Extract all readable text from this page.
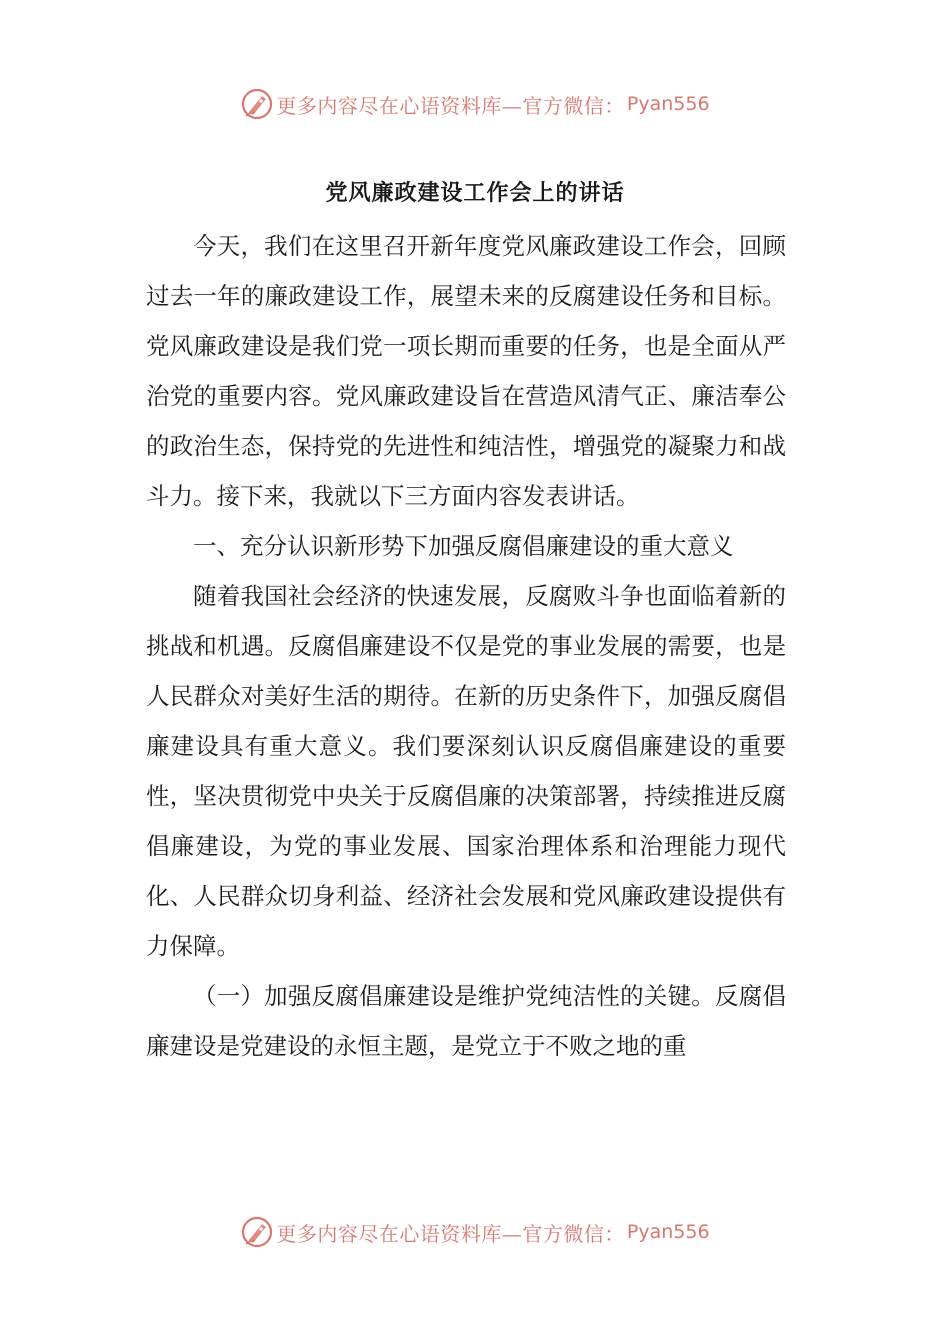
更多内容尽在心语资料库—官方微信： Pyan556
党风廉政建设工作会上的讲话

今天，我们在这里召开新年度党风廉政建设工作会，回顾过去一年的廉政建设工作，展望未来的反腐建设任务和目标。党风廉政建设是我们党一项长期而重要的任务，也是全面从严治党的重要内容。党风廉政建设旨在营造风清气正、廉洁奉公的政治生态，保持党的先进性和纯洁性，增强党的凝聚力和战斗力。接下来，我就以下三方面内容发表讲话。

一、充分认识新形势下加强反腐倡廉建设的重大意义

随着我国社会经济的快速发展，反腐败斗争也面临着新的挑战和机遇。反腐倡廉建设不仅是党的事业发展的需要，也是人民群众对美好生活的期待。在新的历史条件下，加强反腐倡廉建设具有重大意义。我们要深刻认识反腐倡廉建设的重要性，坚决贯彻党中央关于反腐倡廉的决策部署，持续推进反腐倡廉建设，为党的事业发展、国家治理体系和治理能力现代化、人民群众切身利益、经济社会发展和党风廉政建设提供有力保障。

（一）加强反腐倡廉建设是维护党纯洁性的关键。反腐倡廉建设是党建设的永恒主题，是党立于不败之地的重

更多内容尽在心语资料库—官方微信： Pyan556
